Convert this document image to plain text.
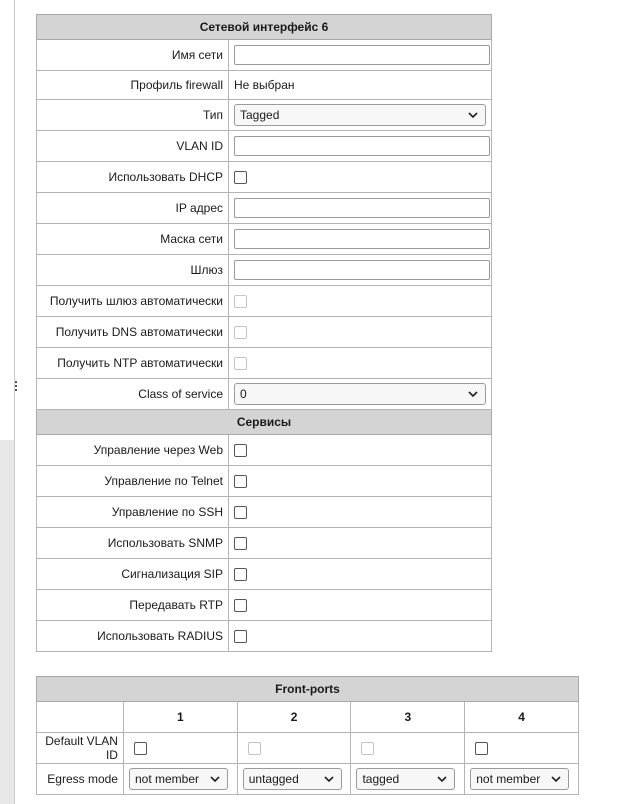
Сетевой интерфейс 6	
Имя сети	

Профиль firewall	Не выбран
Тип	Tagged

VLAN ID	

Использовать DHCP	
IP адрес	

Маска сети	

Шлюз	

Получить шлюз автоматически	
Получить DNS автоматически	
Получить NTP автоматически	
Class of service	0

Сервисы	
Управление через Web	
Управление по Telnet	
Управление по SSH	
Использовать SNMP	
Сигнализация SIP	
Передавать RTP	
Использовать RADIUS	
Front-ports				
	1	2	3	4
Default VLAN ID				
Egress mode	not member	untagged	tagged	not member
